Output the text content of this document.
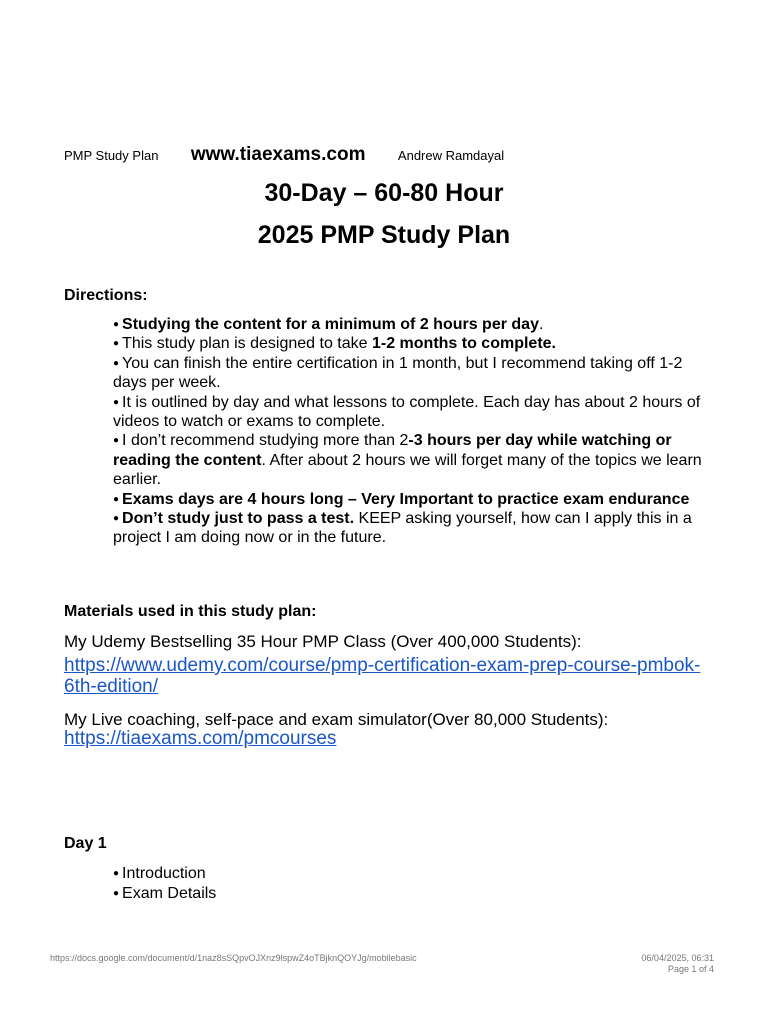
PMP Study Plan www.tiaexams.com Andrew Ramdayal
30-Day – 60-80 Hour
2025 PMP Study Plan
Directions:
● Studying the content for a minimum of 2 hours per day.
● This study plan is designed to take 1-2 months to complete.
● You can finish the entire certification in 1 month, but I recommend taking off 1-2 days per week.
● It is outlined by day and what lessons to complete. Each day has about 2 hours of videos to watch or exams to complete.
● I don’t recommend studying more than 2-3 hours per day while watching or reading the content. After about 2 hours we will forget many of the topics we learn earlier.
● Exams days are 4 hours long – Very Important to practice exam endurance
● Don’t study just to pass a test. KEEP asking yourself, how can I apply this in a project I am doing now or in the future.
Materials used in this study plan:
My Udemy Bestselling 35 Hour PMP Class (Over 400,000 Students):
https://www.udemy.com/course/pmp-certification-exam-prep-course-pmbok-6th-edition/
My Live coaching, self-pace and exam simulator(Over 80,000 Students):
https://tiaexams.com/pmcourses
Day 1
● Introduction
● Exam Details
https://docs.google.com/document/d/1naz8sSQpvOJXnz9lspwZ4oTBjknQOYJg/mobilebasic	06/04/2025, 06:31
Page 1 of 4
